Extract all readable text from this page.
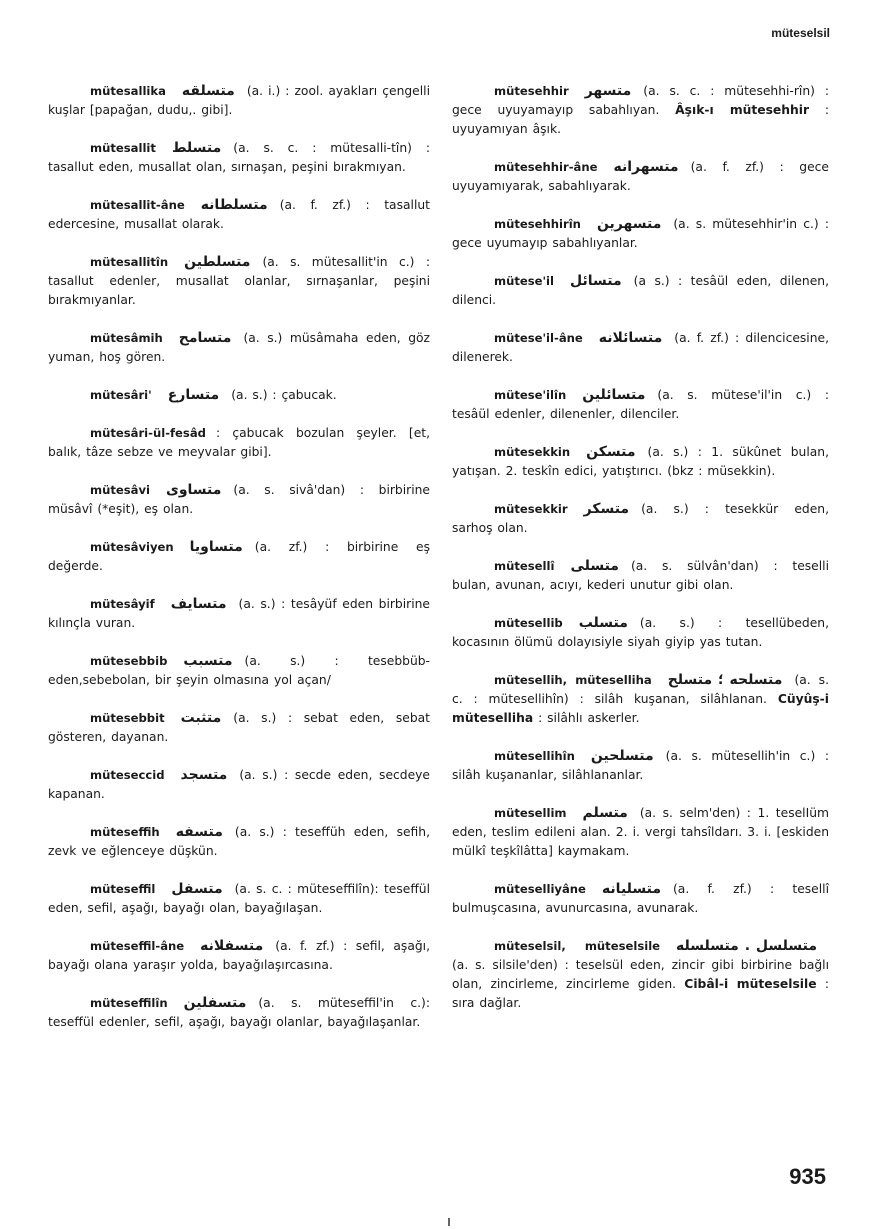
müteselsil
mütesallika متسلقه (a. i.) : zool. ayakları çengelli kuşlar [papağan, dudu,. gibi].
mütesallit متسلط (a. s. c. : mütesalli-tîn) : tasallut eden, musallat olan, sırnaşan, peşini bırakmıyan.
mütesallit-âne متسلطانه (a. f. zf.) : tasallut edercesine, musallat olarak.
mütesallitîn متسلطين (a. s. mütesallit'in c.) : tasallut edenler, musallat olanlar, sırnaşanlar, peşini bırakmıyanlar.
mütesâmih متسامح (a. s.) müsâmaha eden, göz yuman, hoş gören.
mütesâri' متسارع (a. s.) : çabucak.
mütesâri-ül-fesâd : çabucak bozulan şeyler. [et, balık, tâze sebze ve meyvalar gibi].
mütesâvi متساوى (a. s. sivâ'dan) : birbirine müsâvî (*eşit), eş olan.
mütesâviyen متساويا (a. zf.) : birbirine eş değerde.
mütesâyif متسايف (a. s.) : tesâyüf eden birbirine kılınçla vuran.
mütesebbib متسبب (a. s.) : tesebbüb-eden,sebebolan, bir şeyin olmasına yol açan/
mütesebbit متثبت (a. s.) : sebat eden, sebat gösteren, dayanan.
müteseccid متسجد (a. s.) : secde eden, secdeye kapanan.
müteseffih متسفه (a. s.) : teseffüh eden, sefih, zevk ve eğlenceye düşkün.
müteseffil متسفل (a. s. c. : müteseffilîn): teseffül eden, sefil, aşağı, bayağı olan, bayağılaşan.
müteseffil-âne متسفلانه (a. f. zf.) : sefil, aşağı, bayağı olana yaraşır yolda, bayağılaşırcasına.
müteseffilîn متسفلين (a. s. müteseffil'in c.): teseffül edenler, sefil, aşağı, bayağı olanlar, bayağılaşanlar.
mütesehhir متسهر (a. s. c. : mütesehhi-rîn) : gece uyuyamayıp sabahlıyan. Âşık-ı mütesehhir : uyuyamıyan âşık.
mütesehhir-âne متسهرانه (a. f. zf.) : gece uyuyamıyarak, sabahlıyarak.
mütesehhirîn متسهرين (a. s. mütesehhir'in c.) : gece uyumayıp sabahlıyanlar.
mütese'il متسائل (a s.) : tesâül eden, dilenen, dilenci.
mütese'il-âne متسائلانه (a. f. zf.) : dilencicesine, dilenerek.
mütese'ilîn متسائلين (a. s. mütese'il'in c.) : tesâül edenler, dilenenler, dilenciler.
mütesekkin متسكن (a. s.) : 1. sükûnet bulan, yatışan. 2. teskîn edici, yatıştırıcı. (bkz : müsekkin).
mütesekkir متسكر (a. s.) : tesekkür eden, sarhoş olan.
mütesellî متسلى (a. s. sülvân'dan) : teselli bulan, avunan, acıyı, kederi unutur gibi olan.
mütesellib متسلب (a. s.) : tesellübeden, kocasının ölümü dolayısiyle siyah giyip yas tutan.
mütesellih, müteselliha متسلحه ؛ متسلح (a. s. c. : mütesellihîn) : silâh kuşanan, silâhlanan. Cüyûş-i müteselliha : silâhlı askerler.
mütesellihîn متسلحين (a. s. mütesellih'in c.) : silâh kuşananlar, silâhlananlar.
mütesellim متسلم (a. s. selm'den) : 1. teselIüm eden, teslim edileni alan. 2. i. vergi tahsîldarı. 3. i. [eskiden mülkî teşkîlâtta] kaymakam.
müteselliyâne متسليانه (a. f. zf.) : tesellî bulmuşcasına, avunurcasına, avunarak.
müteselsil, müteselsile متسلسل . متسلسله(a. s. silsile'den) : teselsül eden, zincir gibi birbirine bağlı olan, zincirleme, zincirleme giden. Cibâl-i müteselsile : sıra dağlar.
935
